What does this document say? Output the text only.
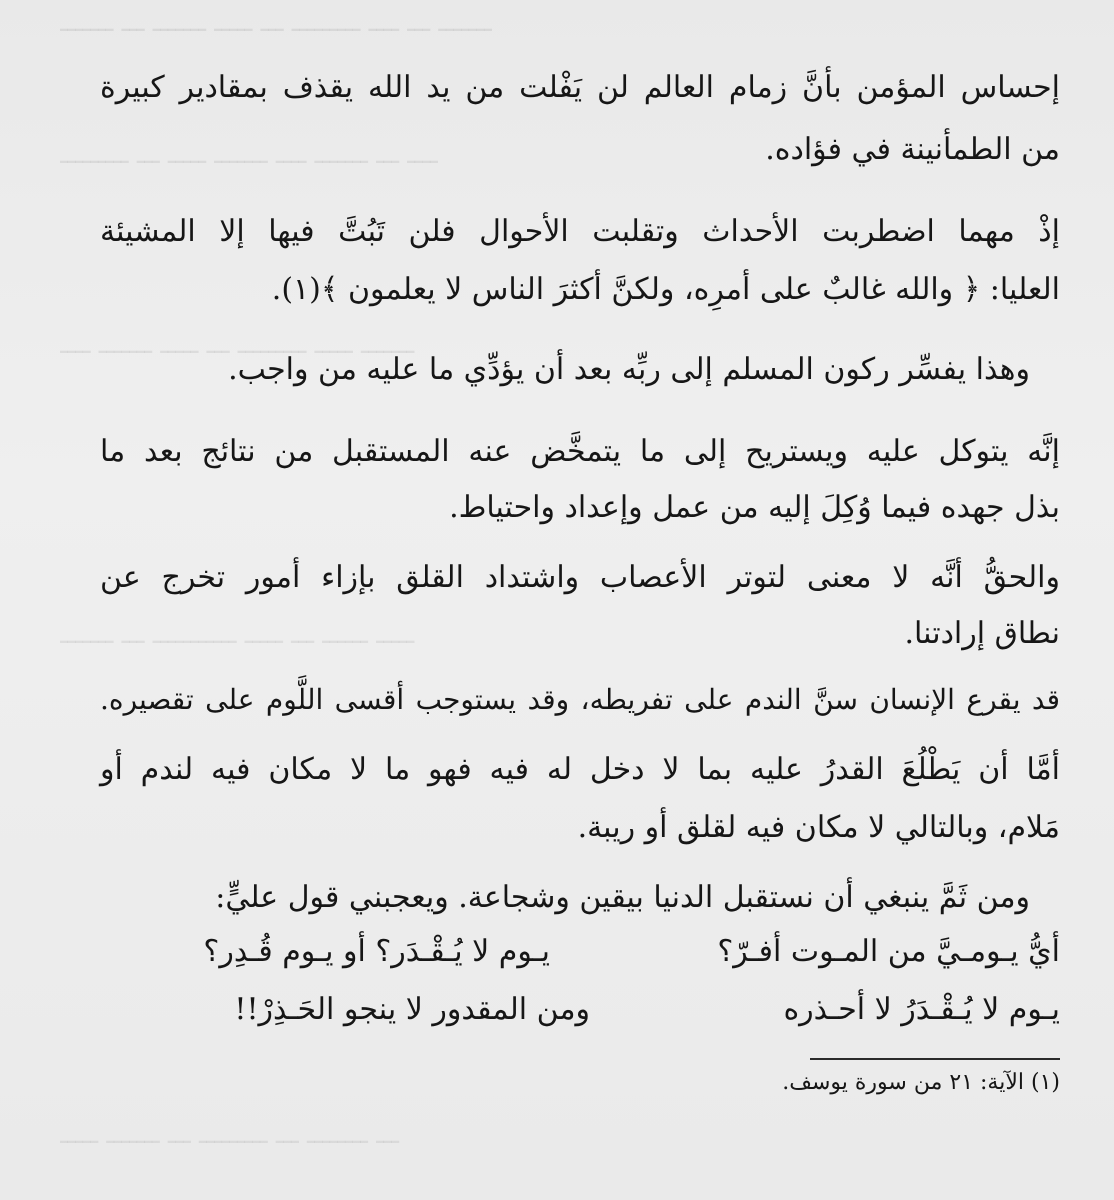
ـــــــ ـــ ـــــــ ـــــ ـــ ـــــــــ ــــ ـــ ـــــــ
ـــــــــ ـــ ـــــ ـــــــ ــــ ـــــــ ـــ ــــ
ــــ ـــــــ ـــــ ـــ ـــــــــ ـــــ ـــــــ
ـــــــ ـــ ـــــــــــ ـــــ ـــ ــــــ ـــــ
ـــــ ـــــــ ـــ ـــــــــ ـــ ــــــــ ـــ
إحساس المؤمن بأنَّ زمام العالم لن يَفْلت من يد الله يقذف بمقادير كبيرة
من الطمأنينة في فؤاده.
إذْ مهما اضطربت الأحداث وتقلبت الأحوال فلن تَبُتَّ فيها إلا المشيئة
العليا: ﴿ والله غالبٌ على أمرِه، ولكنَّ أكثرَ الناس لا يعلمون ﴾(١).
وهذا يفسِّر ركون المسلم إلى ربِّه بعد أن يؤدِّي ما عليه من واجب.
إنَّه يتوكل عليه ويستريح إلى ما يتمخَّض عنه المستقبل من نتائج بعد ما
بذل جهده فيما وُكِلَ إليه من عمل وإعداد واحتياط.
والحقُّ أنَّه لا معنى لتوتر الأعصاب واشتداد القلق بإزاء أمور تخرج عن
نطاق إرادتنا.
قد يقرع الإنسان سنَّ الندم على تفريطه، وقد يستوجب أقسى اللَّوم على تقصيره.
أمَّا أن يَطْلُعَ القدرُ عليه بما لا دخل له فيه فهو ما لا مكان فيه لندم أو
مَلام، وبالتالي لا مكان فيه لقلق أو ريبة.
ومن ثَمَّ ينبغي أن نستقبل الدنيا بيقين وشجاعة. ويعجبني قول عليٍّ:
أيُّ يـومـيَّ من المـوت أفـرّ؟
يـوم لا يُـقْـدَر؟ أو يـوم قُـدِر؟
يـوم لا يُـقْـدَرُ لا أحـذره
ومن المقدور لا ينجو الحَـذِرْ!!
(١) الآية: ٢١ من سورة يوسف.
